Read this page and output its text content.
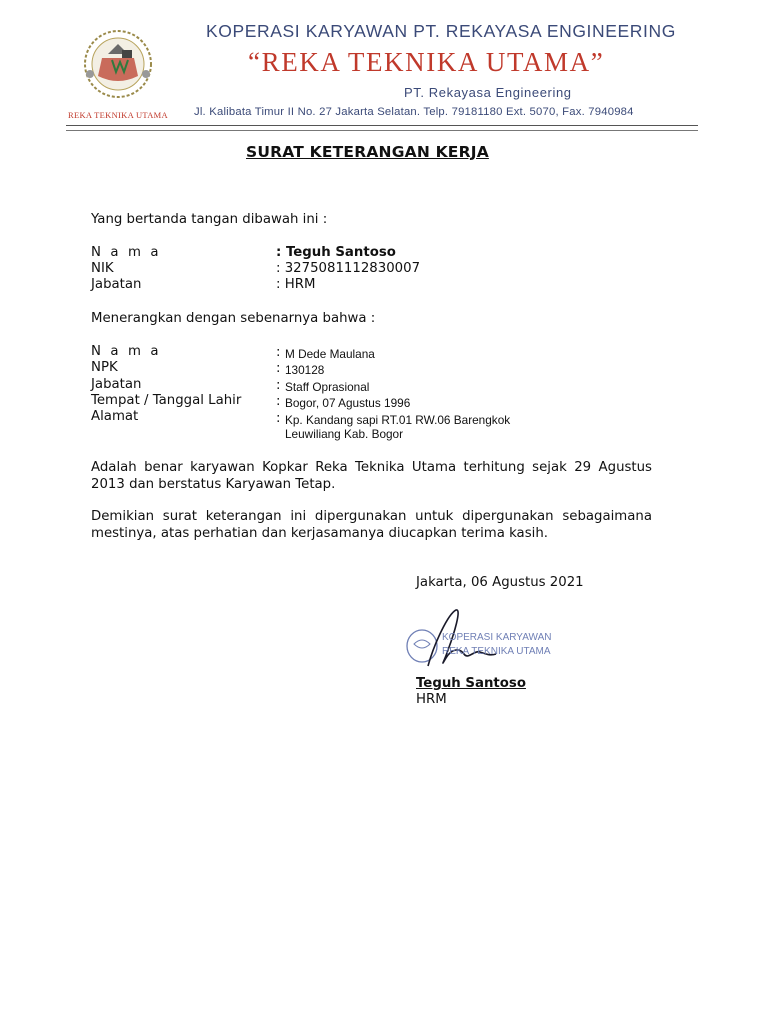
KOPERASI KARYAWAN PT. REKAYASA ENGINEERING
“REKA TEKNIKA UTAMA”
PT. Rekayasa Engineering
Jl. Kalibata Timur II No. 27 Jakarta Selatan. Telp. 79181180 Ext. 5070, Fax. 7940984
REKA TEKNIKA UTAMA
SURAT KETERANGAN KERJA
Yang bertanda tangan dibawah ini :
N a m a	: Teguh Santoso
NIK	: 3275081112830007
Jabatan	: HRM
Menerangkan dengan sebenarnya bahwa :
N a m a	: M Dede Maulana
NPK	: 130128
Jabatan	: Staff Oprasional
Tempat / Tanggal Lahir	: Bogor, 07 Agustus 1996
Alamat	: Kp. Kandang sapi RT.01 RW.06 Barengkok
Leuwiliang Kab. Bogor
Adalah benar karyawan Kopkar Reka Teknika Utama terhitung sejak 29 Agustus 2013 dan berstatus Karyawan Tetap.
Demikian surat keterangan ini dipergunakan untuk dipergunakan sebagaimana mestinya, atas perhatian dan kerjasamanya diucapkan terima kasih.
Jakarta, 06 Agustus 2021
KOPERASI KARYAWAN
REKA TEKNIKA UTAMA
Teguh Santoso
HRM
